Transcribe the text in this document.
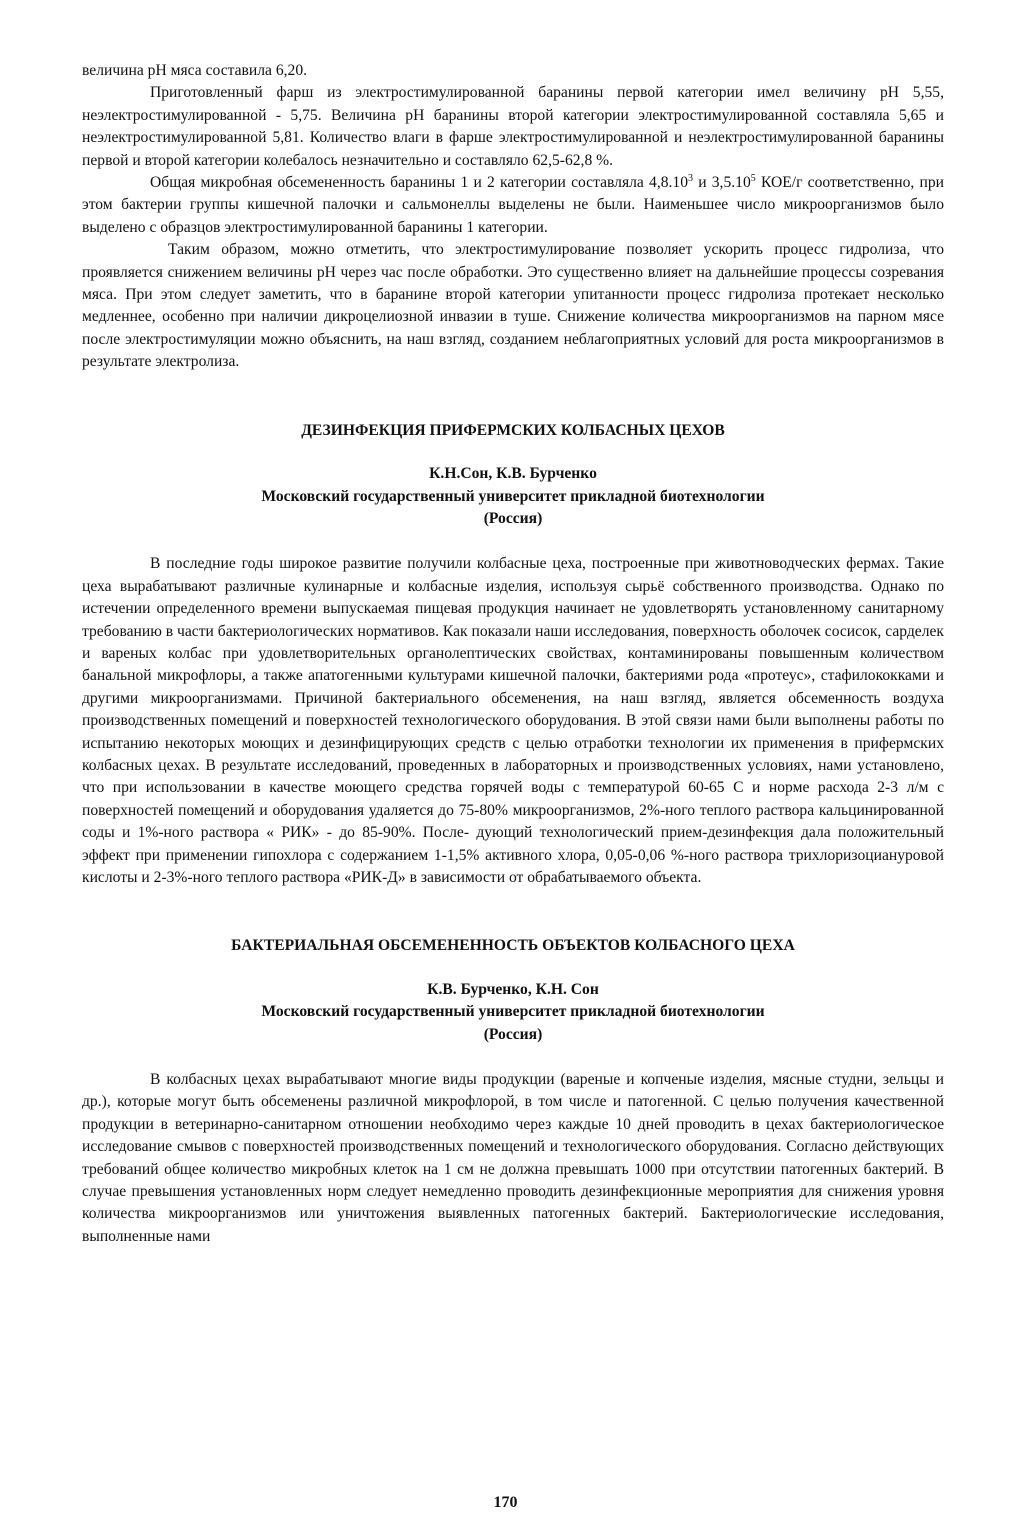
величина pH мяса составила 6,20.

Приготовленный фарш из электростимулированной баранины первой категории имел величину pH 5,55, неэлектростимулированной - 5,75. Величина pH баранины второй категории электростимулированной составляла 5,65 и неэлектростимулированной 5,81. Количество влаги в фарше электростимулированной и неэлектростимулированной баранины первой и второй категории колебалось незначительно и составляло 62,5-62,8 %.

Общая микробная обсемененность баранины 1 и 2 категории составляла 4,8.10$^3$ и 3,5.10$^5$ КОЕ/г соответственно, при этом бактерии группы кишечной палочки и сальмонеллы выделены не были. Наименьшее число микроорганизмов было выделено с образцов электростимулированной баранины 1 категории.

Таким образом, можно отметить, что электростимулирование позволяет ускорить процесс гидролиза, что проявляется снижением величины pH через час после обработки. Это существенно влияет на дальнейшие процессы созревания мяса. При этом следует заметить, что в баранине второй категории упитанности процесс гидролиза протекает несколько медленнее, особенно при наличии дикроцелиозной инвазии в туше. Снижение количества микроорганизмов на парном мясе после электростимуляции можно объяснить, на наш взгляд, созданием неблагоприятных условий для роста микроорганизмов в результате электролиза.

ДЕЗИНФЕКЦИЯ ПРИФЕРМСКИХ КОЛБАСНЫХ ЦЕХОВ

К.Н.Сон, К.В. Бурченко

Московский государственный университет прикладной биотехнологии

(Россия)

В последние годы широкое развитие получили колбасные цеха, построенные при животноводческих фермах. Такие цеха вырабатывают различные кулинарные и колбасные изделия, используя сырьё собственного производства. Однако по истечении определенного времени выпускаемая пищевая продукция начинает не удовлетворять установленному санитарному требованию в части бактериологических нормативов. Как показали наши исследования, поверхность оболочек сосисок, сарделек и вареных колбас при удовлетворительных органолептических свойствах, контаминированы повышенным количеством банальной микрофлоры, а также апатогенными культурами кишечной палочки, бактериями рода «протеус», стафилококками и другими микроорганизмами. Причиной бактериального обсеменения, на наш взгляд, является обсеменность воздуха производственных помещений и поверхностей технологического оборудования. В этой связи нами были выполнены работы по испытанию некоторых моющих и дезинфицирующих средств с целью отработки технологии их применения в прифермских колбасных цехах. В результате исследований, проведенных в лабораторных и производственных условиях, нами установлено, что при использовании в качестве моющего средства горячей воды с температурой 60-65 С и норме расхода 2-3 л/м с поверхностей помещений и оборудования удаляется до 75-80% микроорганизмов, 2%-ного теплого раствора кальцинированной соды и 1%-ного раствора « РИК» - до 85-90%. После- дующий технологический прием-дезинфекция дала положительный эффект при применении гипохлора с содержанием 1-1,5% активного хлора, 0,05-0,06 %-ного раствора трихлоризоциануровой кислоты и 2-3%-ного теплого раствора «РИК-Д» в зависимости от обрабатываемого объекта.

БАКТЕРИАЛЬНАЯ ОБСЕМЕНЕННОСТЬ ОБЪЕКТОВ КОЛБАСНОГО ЦЕХА

К.В. Бурченко, К.Н. Сон

Московский государственный университет прикладной биотехнологии

(Россия)

В колбасных цехах вырабатывают многие виды продукции (вареные и копченые изделия, мясные студни, зельцы и др.), которые могут быть обсеменены различной микрофлорой, в том числе и патогенной. С целью получения качественной продукции в ветеринарно-санитарном отношении необходимо через каждые 10 дней проводить в цехах бактериологическое исследование смывов с поверхностей производственных помещений и технологического оборудования. Согласно действующих требований общее количество микробных клеток на 1 см не должна превышать 1000 при отсутствии патогенных бактерий. В случае превышения установленных норм следует немедленно проводить дезинфекционные мероприятия для снижения уровня количества микроорганизмов или уничтожения выявленных патогенных бактерий. Бактериологические исследования, выполненные нами

170
